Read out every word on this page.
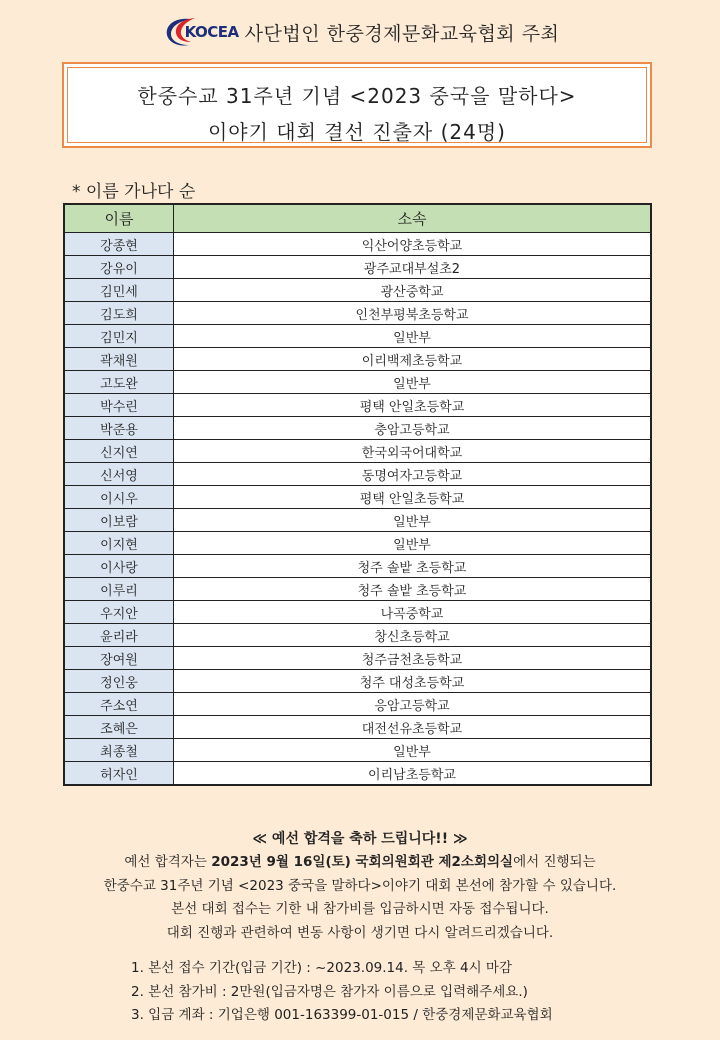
KOCEA 사단법인 한중경제문화교육협회 주최
한중수교 31주년 기념 <2023 중국을 말하다>
이야기 대회 결선 진출자 (24명)
* 이름 가나다 순
이름	소속
강종현	익산어양초등학교
강유이	광주교대부설초2
김민세	광산중학교
김도희	인천부평북초등학교
김민지	일반부
곽채원	이리백제초등학교
고도완	일반부
박수린	평택 안일초등학교
박준용	충암고등학교
신지연	한국외국어대학교
신서영	동명여자고등학교
이시우	평택 안일초등학교
이보람	일반부
이지현	일반부
이사랑	청주 솔밭 초등학교
이루리	청주 솔밭 초등학교
우지안	나곡중학교
윤리라	창신초등학교
장여원	청주금천초등학교
정인웅	청주 대성초등학교
주소연	응암고등학교
조혜은	대전선유초등학교
최종철	일반부
허자인	이리남초등학교
≪ 예선 합격을 축하 드립니다!! ≫
예선 합격자는 2023년 9월 16일(토) 국회의원회관 제2소회의실에서 진행되는
한중수교 31주년 기념 <2023 중국을 말하다>이야기 대회 본선에 참가할 수 있습니다.
본선 대회 접수는 기한 내 참가비를 입금하시면 자동 접수됩니다.
대회 진행과 관련하여 변동 사항이 생기면 다시 알려드리겠습니다.
1. 본선 접수 기간(입금 기간) : ~2023.09.14. 목 오후 4시 마감
2. 본선 참가비 : 2만원(입금자명은 참가자 이름으로 입력해주세요.)
3. 입금 계좌 : 기업은행 001-163399-01-015 / 한중경제문화교육협회
